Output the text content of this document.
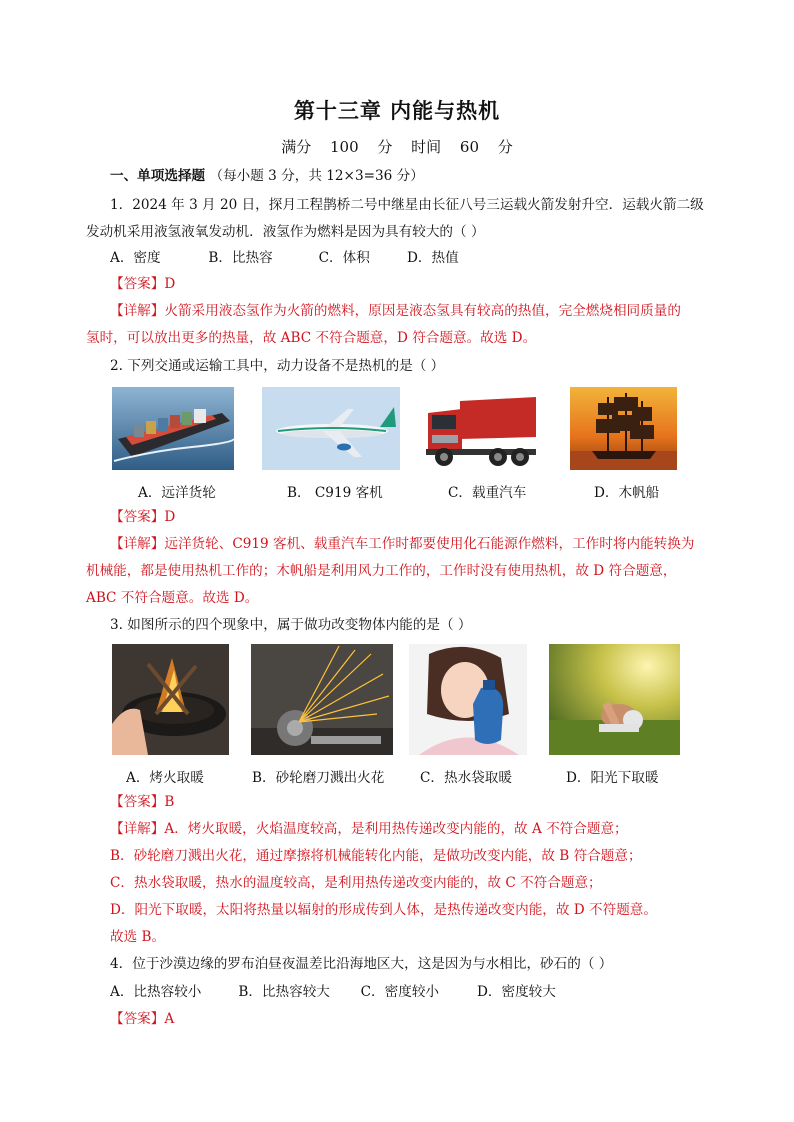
第十三章 内能与热机
满分 100 分 时间 60 分
一、单项选择题 （每小题 3 分，共 12×3=36 分）
1．2024 年 3 月 20 日，探月工程鹊桥二号中继星由长征八号三运载火箭发射升空．运载火箭二级
发动机采用液氢液氧发动机．液氢作为燃料是因为具有较大的（ ）
A．密度	B．比热容	C．体积	D．热值
【答案】D
【详解】火箭采用液态氢作为火箭的燃料，原因是液态氢具有较高的热值，完全燃烧相同质量的
氢时，可以放出更多的热量，故 ABC 不符合题意，D 符合题意。故选 D。
2. 下列交通或运输工具中，动力设备不是热机的是（ ）
A．远洋货轮	B． C919 客机	C．载重汽车	D．木帆船
【答案】D
【详解】远洋货轮、C919 客机、载重汽车工作时都要使用化石能源作燃料，工作时将内能转换为
机械能，都是使用热机工作的；木帆船是利用风力工作的，工作时没有使用热机，故 D 符合题意，
ABC 不符合题意。故选 D。
3. 如图所示的四个现象中，属于做功改变物体内能的是（ ）
A．烤火取暖	B．砂轮磨刀溅出火花	C．热水袋取暖	D．阳光下取暖
【答案】B
【详解】A．烤火取暖，火焰温度较高，是利用热传递改变内能的，故 A 不符合题意；
B．砂轮磨刀溅出火花，通过摩擦将机械能转化内能，是做功改变内能，故 B 符合题意；
C．热水袋取暖，热水的温度较高，是利用热传递改变内能的，故 C 不符合题意；
D．阳光下取暖，太阳将热量以辐射的形成传到人体，是热传递改变内能，故 D 不符题意。
故选 B。
4．位于沙漠边缘的罗布泊昼夜温差比沿海地区大，这是因为与水相比，砂石的（ ）
A．比热容较小	B．比热容较大 C．密度较小	D．密度较大
【答案】A
